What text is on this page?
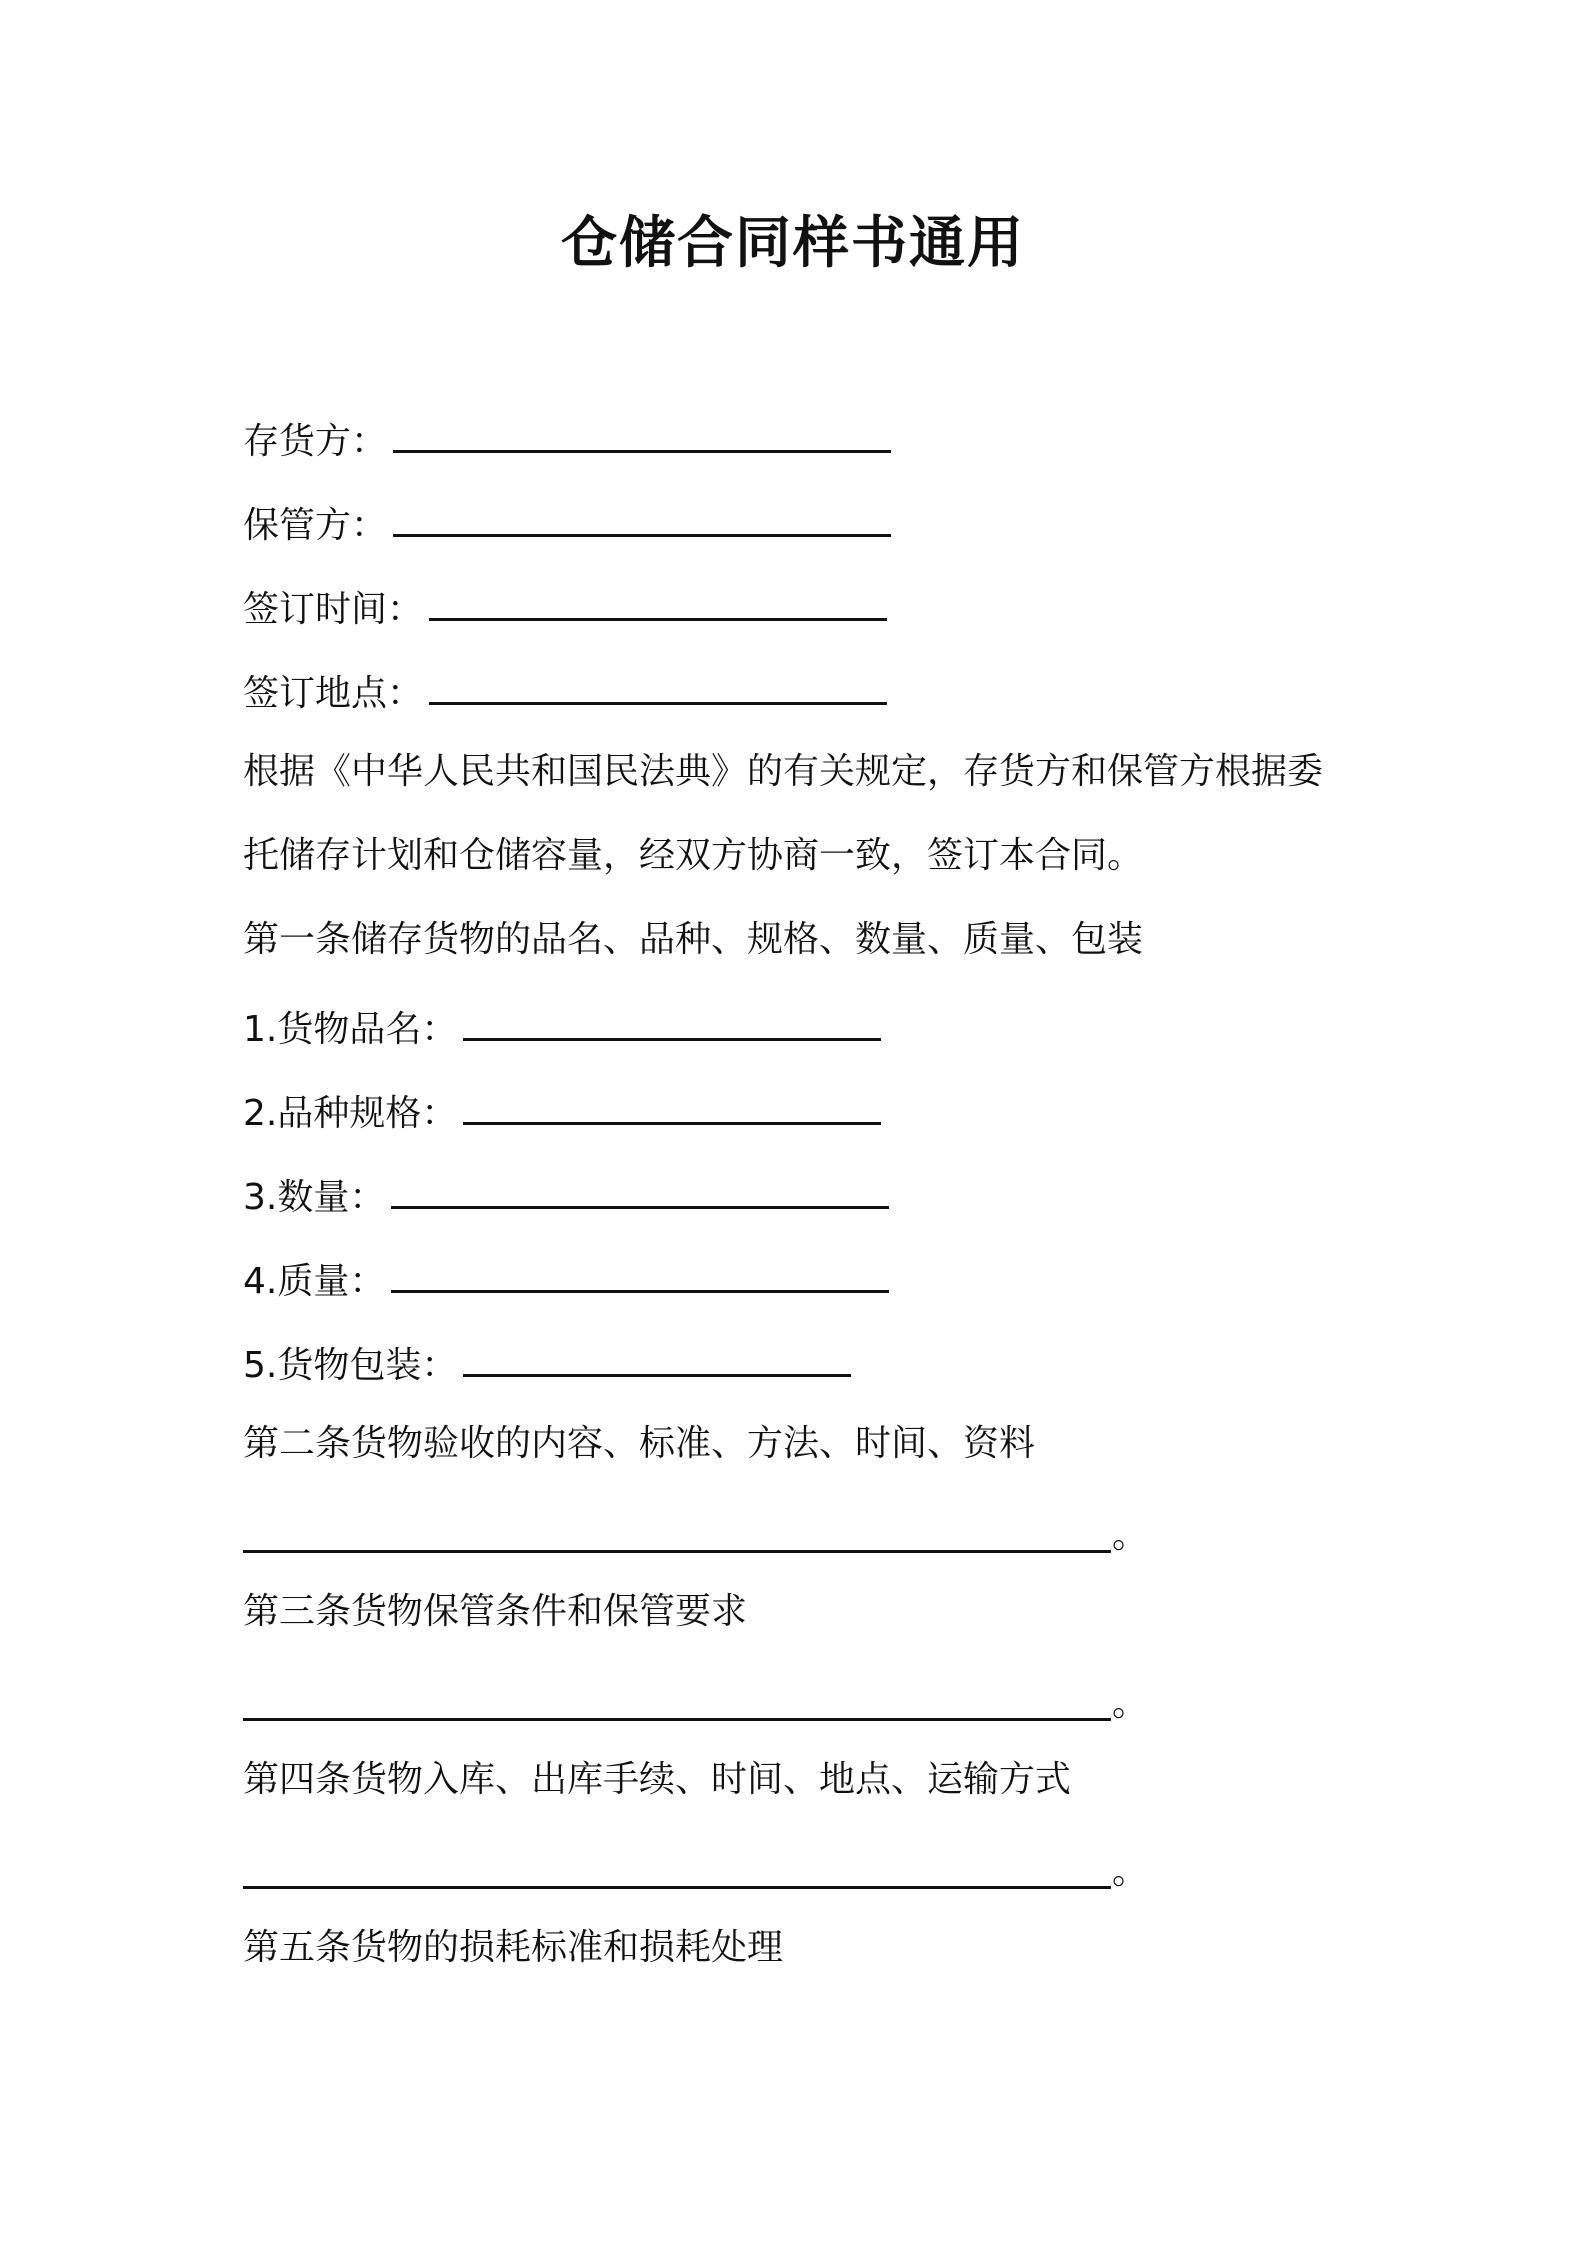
仓储合同样书通用
存货方：
保管方：
签订时间：
签订地点：
根据《中华人民共和国民法典》的有关规定，存货方和保管方根据委
托储存计划和仓储容量，经双方协商一致，签订本合同。
第一条储存货物的品名、品种、规格、数量、质量、包装
1.货物品名：
2.品种规格：
3.数量：
4.质量：
5.货物包装：
第二条货物验收的内容、标准、方法、时间、资料
。
第三条货物保管条件和保管要求
。
第四条货物入库、出库手续、时间、地点、运输方式
。
第五条货物的损耗标准和损耗处理
